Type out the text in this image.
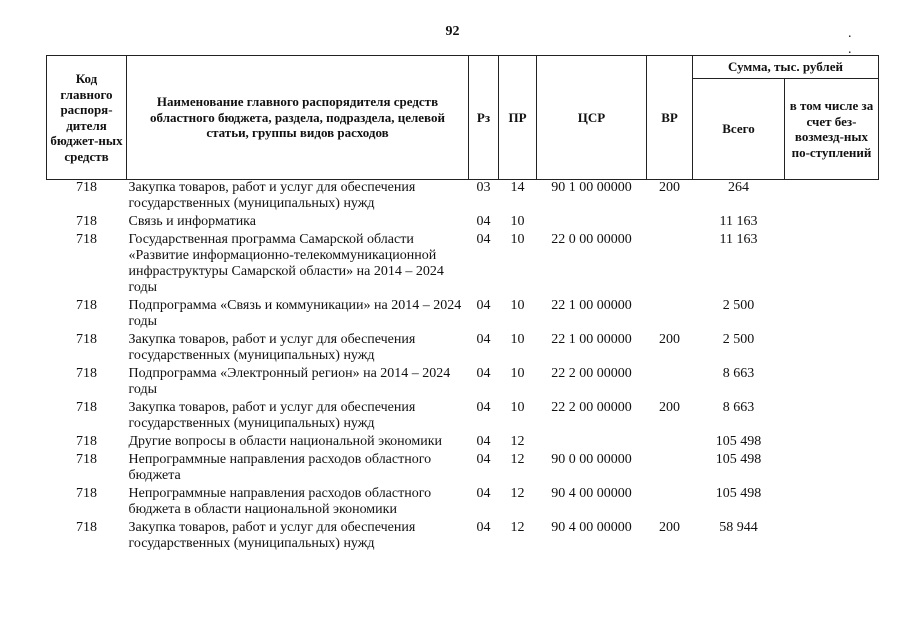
92	. .
Код главного распоря-дителя бюджет-ных средств	Наименование главного распорядителя средств областного бюджета, раздела, подраздела, целевой статьи, группы видов расходов	Рз	ПР	ЦСР	ВР	Сумма, тыс. рублей	
						Всего	в том числе за счет без-возмезд-ных по-ступлений
718	Закупка товаров, работ и услуг для обеспечения государственных (муниципальных) нужд	03	14	90 1 00 00000	200	264	
718	Связь и информатика	04	10			11 163	
718	Государственная программа Самарской области «Развитие информационно-телекоммуникационной инфраструктуры Самарской области» на 2014 – 2024 годы	04	10	22 0 00 00000		11 163	
718	Подпрограмма «Связь и коммуникации» на 2014 – 2024 годы	04	10	22 1 00 00000		2 500	
718	Закупка товаров, работ и услуг для обеспечения государственных (муниципальных) нужд	04	10	22 1 00 00000	200	2 500	
718	Подпрограмма «Электронный регион» на 2014 – 2024 годы	04	10	22 2 00 00000		8 663	
718	Закупка товаров, работ и услуг для обеспечения государственных (муниципальных) нужд	04	10	22 2 00 00000	200	8 663	
718	Другие вопросы в области национальной экономики	04	12			105 498	
718	Непрограммные направления расходов областного бюджета	04	12	90 0 00 00000		105 498	
718	Непрограммные направления расходов областного бюджета в области национальной экономики	04	12	90 4 00 00000		105 498	
718	Закупка товаров, работ и услуг для обеспечения государственных (муниципальных) нужд	04	12	90 4 00 00000	200	58 944	
